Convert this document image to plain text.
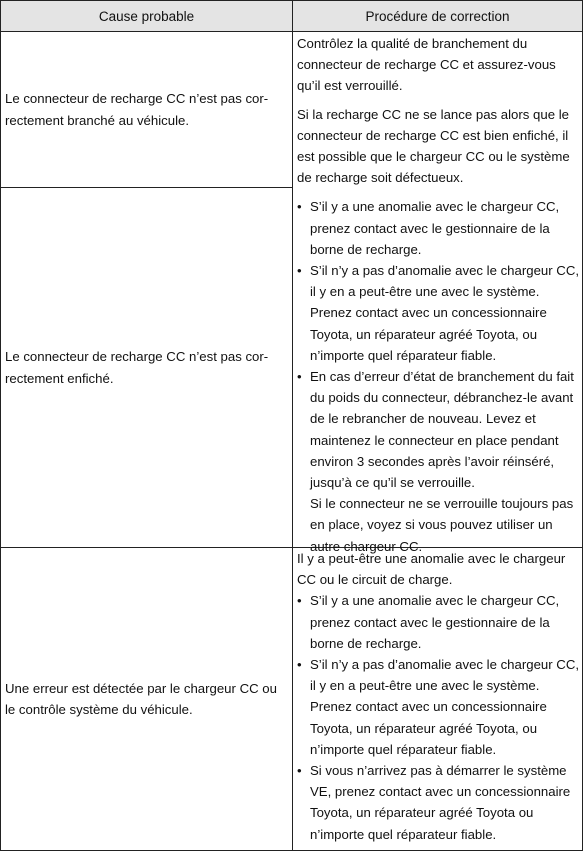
Cause probable	Procédure de correction
Le connecteur de recharge CC n’est pas correctement branché au véhicule.
Le connecteur de recharge CC n’est pas correctement enfiché.
Une erreur est détectée par le chargeur CC ou le contrôle système du véhicule.

Contrôlez la qualité de branchement du connecteur de recharge CC et assurez-vous qu’il est verrouillé.

Si la recharge CC ne se lance pas alors que le connecteur de recharge CC est bien enfiché, il est possible que le chargeur CC ou le système de recharge soit défectueux.

• S’il y a une anomalie avec le chargeur CC, prenez contact avec le gestionnaire de la borne de recharge.
• S’il n’y a pas d’anomalie avec le chargeur CC, il y en a peut-être une avec le système. Prenez contact avec un concessionnaire Toyota, un réparateur agréé Toyota, ou n’importe quel réparateur fiable.
• En cas d’erreur d’état de branchement du fait du poids du connecteur, débranchez-le avant de le rebrancher de nouveau. Levez et maintenez le connecteur en place pendant environ 3 secondes après l’avoir réinséré, jusqu’à ce qu’il se verrouille.
Si le connecteur ne se verrouille toujours pas en place, voyez si vous pouvez utiliser un autre chargeur CC.

Il y a peut-être une anomalie avec le chargeur CC ou le circuit de charge.

• S’il y a une anomalie avec le chargeur CC, prenez contact avec le gestionnaire de la borne de recharge.
• S’il n’y a pas d’anomalie avec le chargeur CC, il y en a peut-être une avec le système. Prenez contact avec un concessionnaire Toyota, un réparateur agréé Toyota, ou n’importe quel réparateur fiable.
• Si vous n’arrivez pas à démarrer le système VE, prenez contact avec un concessionnaire Toyota, un réparateur agréé Toyota ou n’importe quel réparateur fiable.
